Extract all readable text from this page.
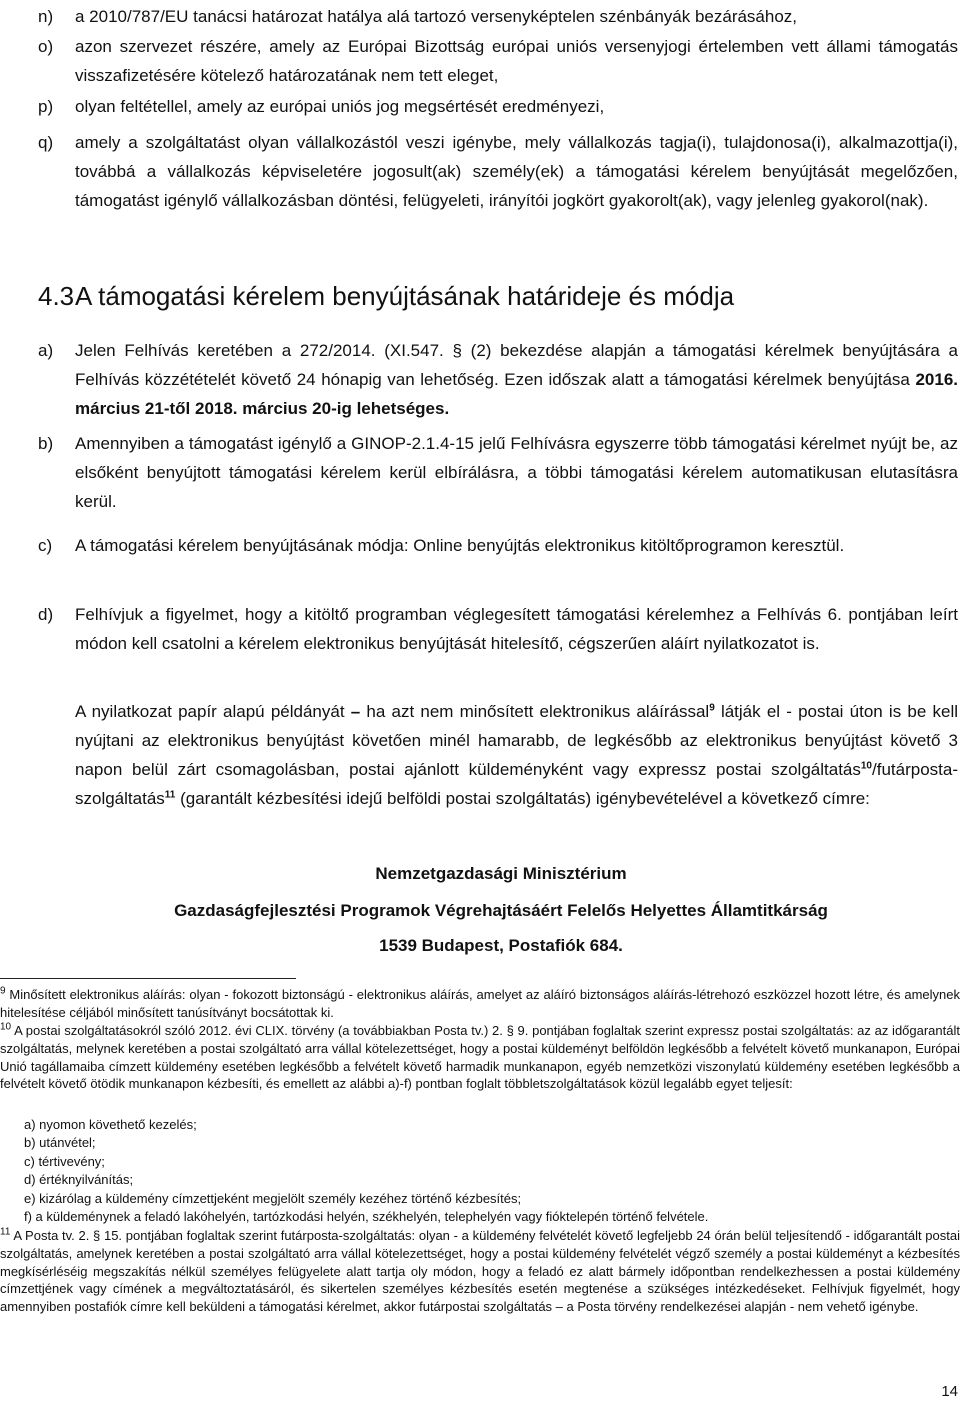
n)	a 2010/787/EU tanácsi határozat hatálya alá tartozó versenyképtelen szénbányák bezárásához,
o)	azon szervezet részére, amely az Európai Bizottság európai uniós versenyjogi értelemben vett állami támogatás visszafizetésére kötelező határozatának nem tett eleget,
p)	olyan feltétellel, amely az európai uniós jog megsértését eredményezi,
q)	amely a szolgáltatást olyan vállalkozástól veszi igénybe, mely vállalkozás tagja(i), tulajdonosa(i), alkalmazottja(i), továbbá a vállalkozás képviseletére jogosult(ak) személy(ek) a támogatási kérelem benyújtását megelőzően, támogatást igénylő vállalkozásban döntési, felügyeleti, irányítói jogkört gyakorolt(ak), vagy jelenleg gyakorol(nak).
4.3 A támogatási kérelem benyújtásának határideje és módja
a)	Jelen Felhívás keretében a 272/2014. (XI.547. § (2) bekezdése alapján a támogatási kérelmek benyújtására a Felhívás közzétételét követő 24 hónapig van lehetőség. Ezen időszak alatt a támogatási kérelmek benyújtása 2016. március 21-től 2018. március 20-ig lehetséges.
b)	Amennyiben a támogatást igénylő a GINOP-2.1.4-15 jelű Felhívásra egyszerre több támogatási kérelmet nyújt be, az elsőként benyújtott támogatási kérelem kerül elbírálásra, a többi támogatási kérelem automatikusan elutasításra kerül.
c)	A támogatási kérelem benyújtásának módja: Online benyújtás elektronikus kitöltőprogramon keresztül.
d)	Felhívjuk a figyelmet, hogy a kitöltő programban véglegesített támogatási kérelemhez a Felhívás 6. pontjában leírt módon kell csatolni a kérelem elektronikus benyújtását hitelesítő, cégszerűen aláírt nyilatkozatot is.
A nyilatkozat papír alapú példányát – ha azt nem minősített elektronikus aláírással$^9$ látják el - postai úton is be kell nyújtani az elektronikus benyújtást követően minél hamarabb, de legkésőbb az elektronikus benyújtást követő 3 napon belül zárt csomagolásban, postai ajánlott küldeményként vagy expressz postai szolgáltatás$^{10}$/futárposta-szolgáltatás$^{11}$ (garantált kézbesítési idejű belföldi postai szolgáltatás) igénybevételével a következő címre:
Nemzetgazdasági Minisztérium
Gazdaságfejlesztési Programok Végrehajtásáért Felelős Helyettes Államtitkárság
1539 Budapest, Postafiók 684.
$^9$ Minősített elektronikus aláírás: olyan - fokozott biztonságú - elektronikus aláírás, amelyet az aláíró biztonságos aláírás-létrehozó eszközzel hozott létre, és amelynek hitelesítése céljából minősített tanúsítványt bocsátottak ki.
$^{10}$ A postai szolgáltatásokról szóló 2012. évi CLIX. törvény (a továbbiakban Posta tv.) 2. § 9. pontjában foglaltak szerint expressz postai szolgáltatás: az az időgarantált szolgáltatás, melynek keretében a postai szolgáltató arra vállal kötelezettséget, hogy a postai küldeményt belföldön legkésőbb a felvételt követő munkanapon, Európai Unió tagállamaiba címzett küldemény esetében legkésőbb a felvételt követő harmadik munkanapon, egyéb nemzetközi viszonylatú küldemény esetében legkésőbb a felvételt követő ötödik munkanapon kézbesíti, és emellett az alábbi a)-f) pontban foglalt többletszolgáltatások közül legalább egyet teljesít:
a) nyomon követhető kezelés;
b) utánvétel;
c) tértivevény;
d) értéknyilvánítás;
e) kizárólag a küldemény címzettjeként megjelölt személy kezéhez történő kézbesítés;
f) a küldeménynek a feladó lakóhelyén, tartózkodási helyén, székhelyén, telephelyén vagy fióktelepén történő felvétele.
$^{11}$ A Posta tv. 2. § 15. pontjában foglaltak szerint futárposta-szolgáltatás: olyan - a küldemény felvételét követő legfeljebb 24 órán belül teljesítendő - időgarantált postai szolgáltatás, amelynek keretében a postai szolgáltató arra vállal kötelezettséget, hogy a postai küldemény felvételét végző személy a postai küldeményt a kézbesítés megkísérléséig megszakítás nélkül személyes felügyelete alatt tartja oly módon, hogy a feladó ez alatt bármely időpontban rendelkezhessen a postai küldemény címzettjének vagy címének a megváltoztatásáról, és sikertelen személyes kézbesítés esetén megtenése a szükséges intézkedéseket. Felhívjuk figyelmét, hogy amennyiben postafiók címre kell beküldeni a támogatási kérelmet, akkor futárpostai szolgáltatás – a Posta törvény rendelkezései alapján - nem vehető igénybe.
14
